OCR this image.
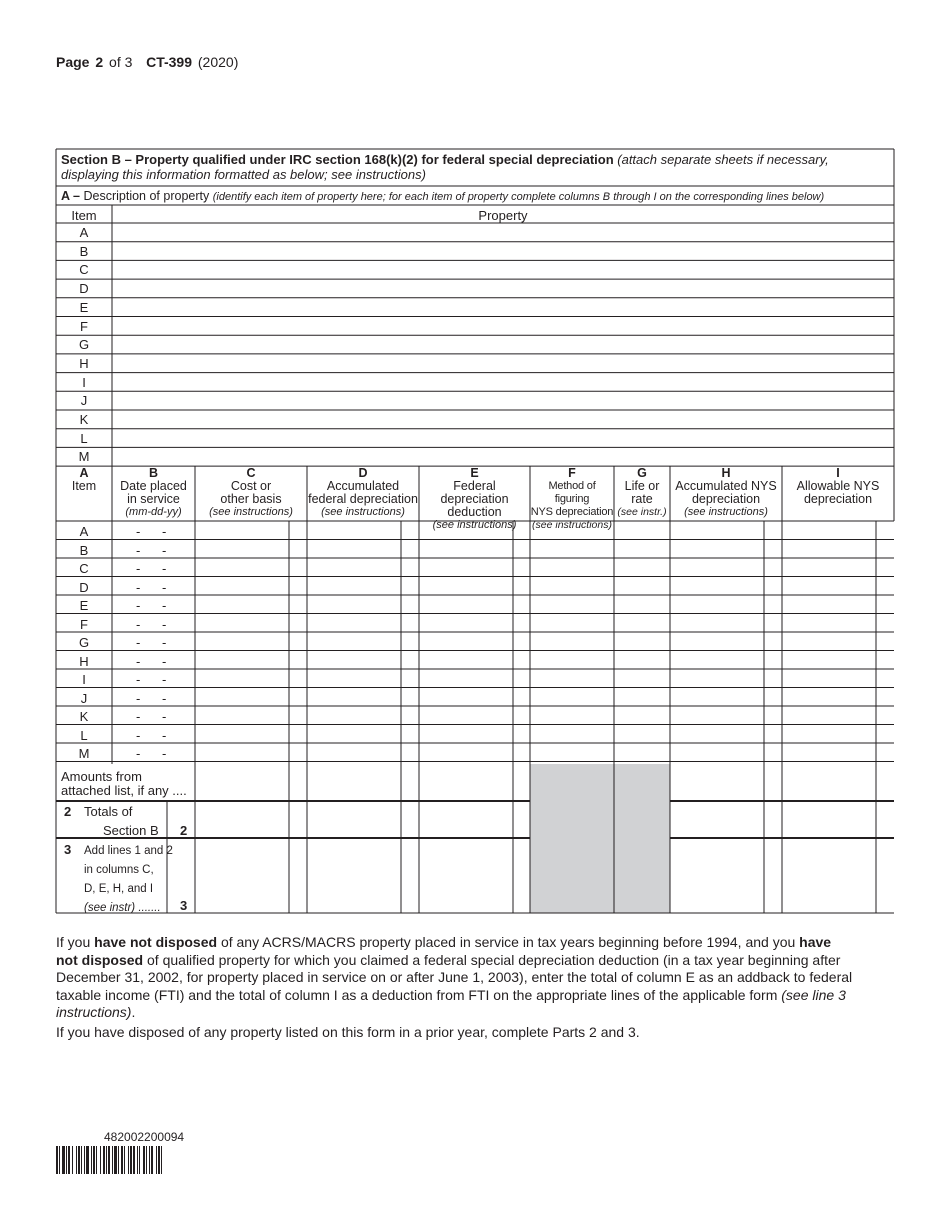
Page 2 of 3 CT-399 (2020)
Section B – Property qualified under IRC section 168(k)(2) for federal special depreciation (attach separate sheets if necessary, displaying this information formatted as below; see instructions)
A – Description of property (identify each item of property here; for each item of property complete columns B through I on the corresponding lines below)
Item	Property
A
B
C
D
E
F
G
H
I
J
K
L
M
A
Item
B
Date placed
in service
(mm-dd-yy)
C
Cost or
other basis
(see instructions)
D
Accumulated
federal depreciation
(see instructions)
E
Federal depreciation
deduction
(see instructions)
F
Method of figuring
NYS depreciation
(see instructions)
G
Life or
rate
(see instr.)
H
Accumulated NYS
depreciation
(see instructions)
I
Allowable NYS
depreciation
A	- -
B	- -
C	- -
D	- -
E	- -
F	- -
G	- -
H	- -
I	- -
J	- -
K	- -
L	- -
M	- -
Amounts from
attached list, if any ....
2 Totals of
Section B 2
3 Add lines 1 and 2
in columns C,
D, E, H, and I
(see instr) .......	3
If you have not disposed of any ACRS/MACRS property placed in service in tax years beginning before 1994, and you have not disposed of qualified property for which you claimed a federal special depreciation deduction (in a tax year beginning after December 31, 2002, for property placed in service on or after June 1, 2003), enter the total of column E as an addback to federal taxable income (FTI) and the total of column I as a deduction from FTI on the appropriate lines of the applicable form (see line 3 instructions).
If you have disposed of any property listed on this form in a prior year, complete Parts 2 and 3.
482002200094
